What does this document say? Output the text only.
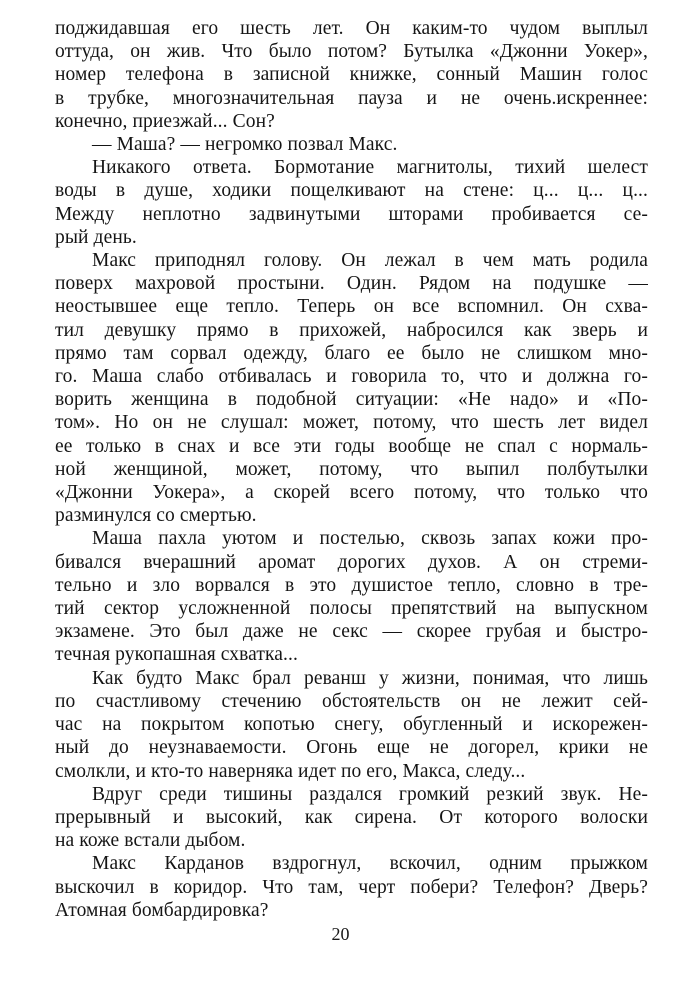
поджидавшая его шесть лет. Он каким-то чудом выплыл
оттуда, он жив. Что было потом? Бутылка «Джонни Уокер»,
номер телефона в записной книжке, сонный Машин голос
в трубке, многозначительная пауза и не очень.искреннее:
конечно, приезжай... Сон?
— Маша? — негромко позвал Макс.
Никакого ответа. Бормотание магнитолы, тихий шелест
воды в душе, ходики пощелкивают на стене: ц... ц... ц...
Между неплотно задвинутыми шторами пробивается се-
рый день.
Макс приподнял голову. Он лежал в чем мать родила
поверх махровой простыни. Один. Рядом на подушке —
неостывшее еще тепло. Теперь он все вспомнил. Он схва-
тил девушку прямо в прихожей, набросился как зверь и
прямо там сорвал одежду, благо ее было не слишком мно-
го. Маша слабо отбивалась и говорила то, что и должна го-
ворить женщина в подобной ситуации: «Не надо» и «По-
том». Но он не слушал: может, потому, что шесть лет видел
ее только в снах и все эти годы вообще не спал с нормаль-
ной женщиной, может, потому, что выпил полбутылки
«Джонни Уокера», а скорей всего потому, что только что
разминулся со смертью.
Маша пахла уютом и постелью, сквозь запах кожи про-
бивался вчерашний аромат дорогих духов. А он стреми-
тельно и зло ворвался в это душистое тепло, словно в тре-
тий сектор усложненной полосы препятствий на выпускном
экзамене. Это был даже не секс — скорее грубая и быстро-
течная рукопашная схватка...
Как будто Макс брал реванш у жизни, понимая, что лишь
по счастливому стечению обстоятельств он не лежит сей-
час на покрытом копотью снегу, обугленный и искорежен-
ный до неузнаваемости. Огонь еще не догорел, крики не
смолкли, и кто-то наверняка идет по его, Макса, следу...
Вдруг среди тишины раздался громкий резкий звук. Не-
прерывный и высокий, как сирена. От которого волоски
на коже встали дыбом.
Макс Карданов вздрогнул, вскочил, одним прыжком
выскочил в коридор. Что там, черт побери? Телефон? Дверь?
Атомная бомбардировка?
20
